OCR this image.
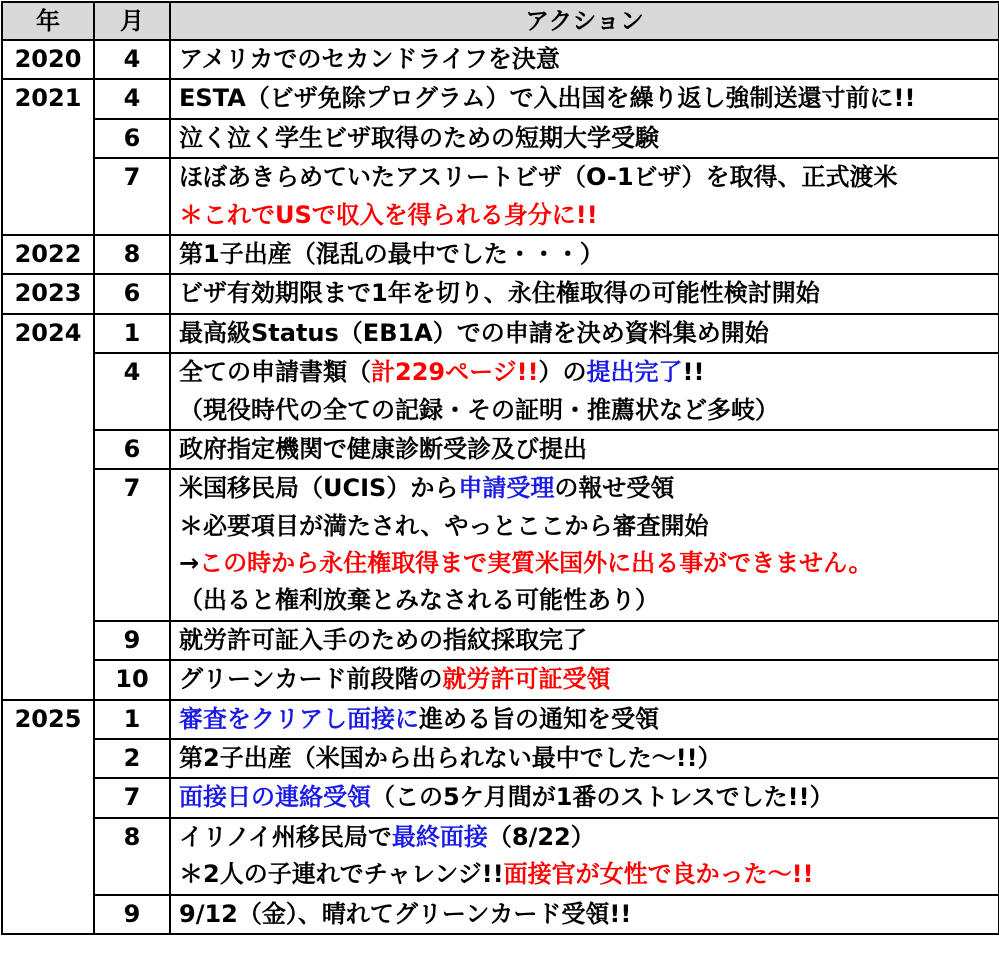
年	月	アクション
2020	4	アメリカでのセカンドライフを決意

2021	4	ESTA（ビザ免除プログラム）で入出国を繰り返し強制送還寸前に!!

	6	泣く泣く学生ビザ取得のための短期大学受験

	7	ほぼあきらめていたアスリートビザ（O-1ビザ）を取得、正式渡米
＊これでUSで収入を得られる身分に!!

2022	8	第1子出産（混乱の最中でした・・・）

2023	6	ビザ有効期限まで1年を切り、永住権取得の可能性検討開始

2024	1	最高級Status（EB1A）での申請を決め資料集め開始

	4	全ての申請書類（計229ページ!!）の提出完了!!
（現役時代の全ての記録・その証明・推薦状など多岐）

	6	政府指定機関で健康診断受診及び提出

	7	米国移民局（UCIS）から申請受理の報せ受領
＊必要項目が満たされ、やっとここから審査開始
→この時から永住権取得まで実質米国外に出る事ができません。
（出ると権利放棄とみなされる可能性あり）

	9	就労許可証入手のための指紋採取完了

	10	グリーンカード前段階の就労許可証受領

2025	1	審査をクリアし面接に進める旨の通知を受領

	2	第2子出産（米国から出られない最中でした～!!）

	7	面接日の連絡受領（この5ケ月間が1番のストレスでした!!）

	8	イリノイ州移民局で最終面接（8/22）
＊2人の子連れでチャレンジ!!面接官が女性で良かった～!!

	9	9/12（金）、晴れてグリーンカード受領!!
